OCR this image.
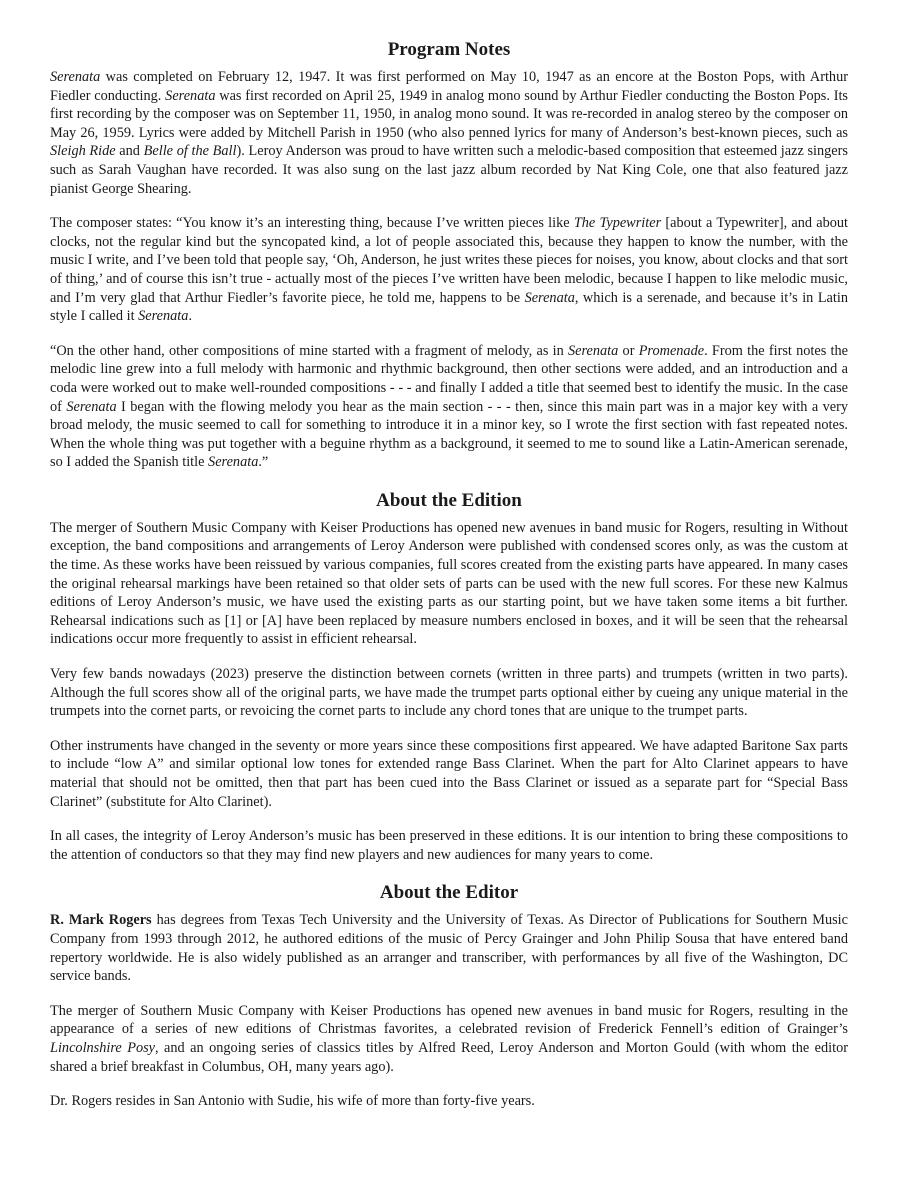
Program Notes

Serenata was completed on February 12, 1947. It was first performed on May 10, 1947 as an encore at the Boston Pops, with Arthur Fiedler conducting. Serenata was first recorded on April 25, 1949 in analog mono sound by Arthur Fiedler conducting the Boston Pops. Its first recording by the composer was on September 11, 1950, in analog mono sound. It was re-recorded in analog stereo by the composer on May 26, 1959. Lyrics were added by Mitchell Parish in 1950 (who also penned lyrics for many of Anderson’s best-known pieces, such as Sleigh Ride and Belle of the Ball). Leroy Anderson was proud to have written such a melodic-based composition that esteemed jazz singers such as Sarah Vaughan have recorded. It was also sung on the last jazz album recorded by Nat King Cole, one that also featured jazz pianist George Shearing.

The composer states: “You know it’s an interesting thing, because I’ve written pieces like The Typewriter [about a Typewriter], and about clocks, not the regular kind but the syncopated kind, a lot of people associated this, because they happen to know the number, with the music I write, and I’ve been told that people say, ‘Oh, Anderson, he just writes these pieces for noises, you know, about clocks and that sort of thing,’ and of course this isn’t true - actually most of the pieces I’ve written have been melodic, because I happen to like melodic music, and I’m very glad that Arthur Fiedler’s favorite piece, he told me, happens to be Serenata, which is a serenade, and because it’s in Latin style I called it Serenata.

“On the other hand, other compositions of mine started with a fragment of melody, as in Serenata or Promenade. From the first notes the melodic line grew into a full melody with harmonic and rhythmic background, then other sections were added, and an introduction and a coda were worked out to make well-rounded compositions - - - and finally I added a title that seemed best to identify the music. In the case of Serenata I began with the flowing melody you hear as the main section - - - then, since this main part was in a major key with a very broad melody, the music seemed to call for something to introduce it in a minor key, so I wrote the first section with fast repeated notes. When the whole thing was put together with a beguine rhythm as a background, it seemed to me to sound like a Latin-American serenade, so I added the Spanish title Serenata.”

About the Edition

The merger of Southern Music Company with Keiser Productions has opened new avenues in band music for Rogers, resulting in Without exception, the band compositions and arrangements of Leroy Anderson were published with condensed scores only, as was the custom at the time. As these works have been reissued by various companies, full scores created from the existing parts have appeared. In many cases the original rehearsal markings have been retained so that older sets of parts can be used with the new full scores. For these new Kalmus editions of Leroy Anderson’s music, we have used the existing parts as our starting point, but we have taken some items a bit further. Rehearsal indications such as [1] or [A] have been replaced by measure numbers enclosed in boxes, and it will be seen that the rehearsal indications occur more frequently to assist in efficient rehearsal.

Very few bands nowadays (2023) preserve the distinction between cornets (written in three parts) and trumpets (written in two parts). Although the full scores show all of the original parts, we have made the trumpet parts optional either by cueing any unique material in the trumpets into the cornet parts, or revoicing the cornet parts to include any chord tones that are unique to the trumpet parts.

Other instruments have changed in the seventy or more years since these compositions first appeared. We have adapted Baritone Sax parts to include “low A” and similar optional low tones for extended range Bass Clarinet. When the part for Alto Clarinet appears to have material that should not be omitted, then that part has been cued into the Bass Clarinet or issued as a separate part for “Special Bass Clarinet” (substitute for Alto Clarinet).

In all cases, the integrity of Leroy Anderson’s music has been preserved in these editions. It is our intention to bring these compositions to the attention of conductors so that they may find new players and new audiences for many years to come.

About the Editor

R. Mark Rogers has degrees from Texas Tech University and the University of Texas. As Director of Publications for Southern Music Company from 1993 through 2012, he authored editions of the music of Percy Grainger and John Philip Sousa that have entered band repertory worldwide. He is also widely published as an arranger and transcriber, with performances by all five of the Washington, DC service bands.

The merger of Southern Music Company with Keiser Productions has opened new avenues in band music for Rogers, resulting in the appearance of a series of new editions of Christmas favorites, a celebrated revision of Frederick Fennell’s edition of Grainger’s Lincolnshire Posy, and an ongoing series of classics titles by Alfred Reed, Leroy Anderson and Morton Gould (with whom the editor shared a brief breakfast in Columbus, OH, many years ago).

Dr. Rogers resides in San Antonio with Sudie, his wife of more than forty-five years.
